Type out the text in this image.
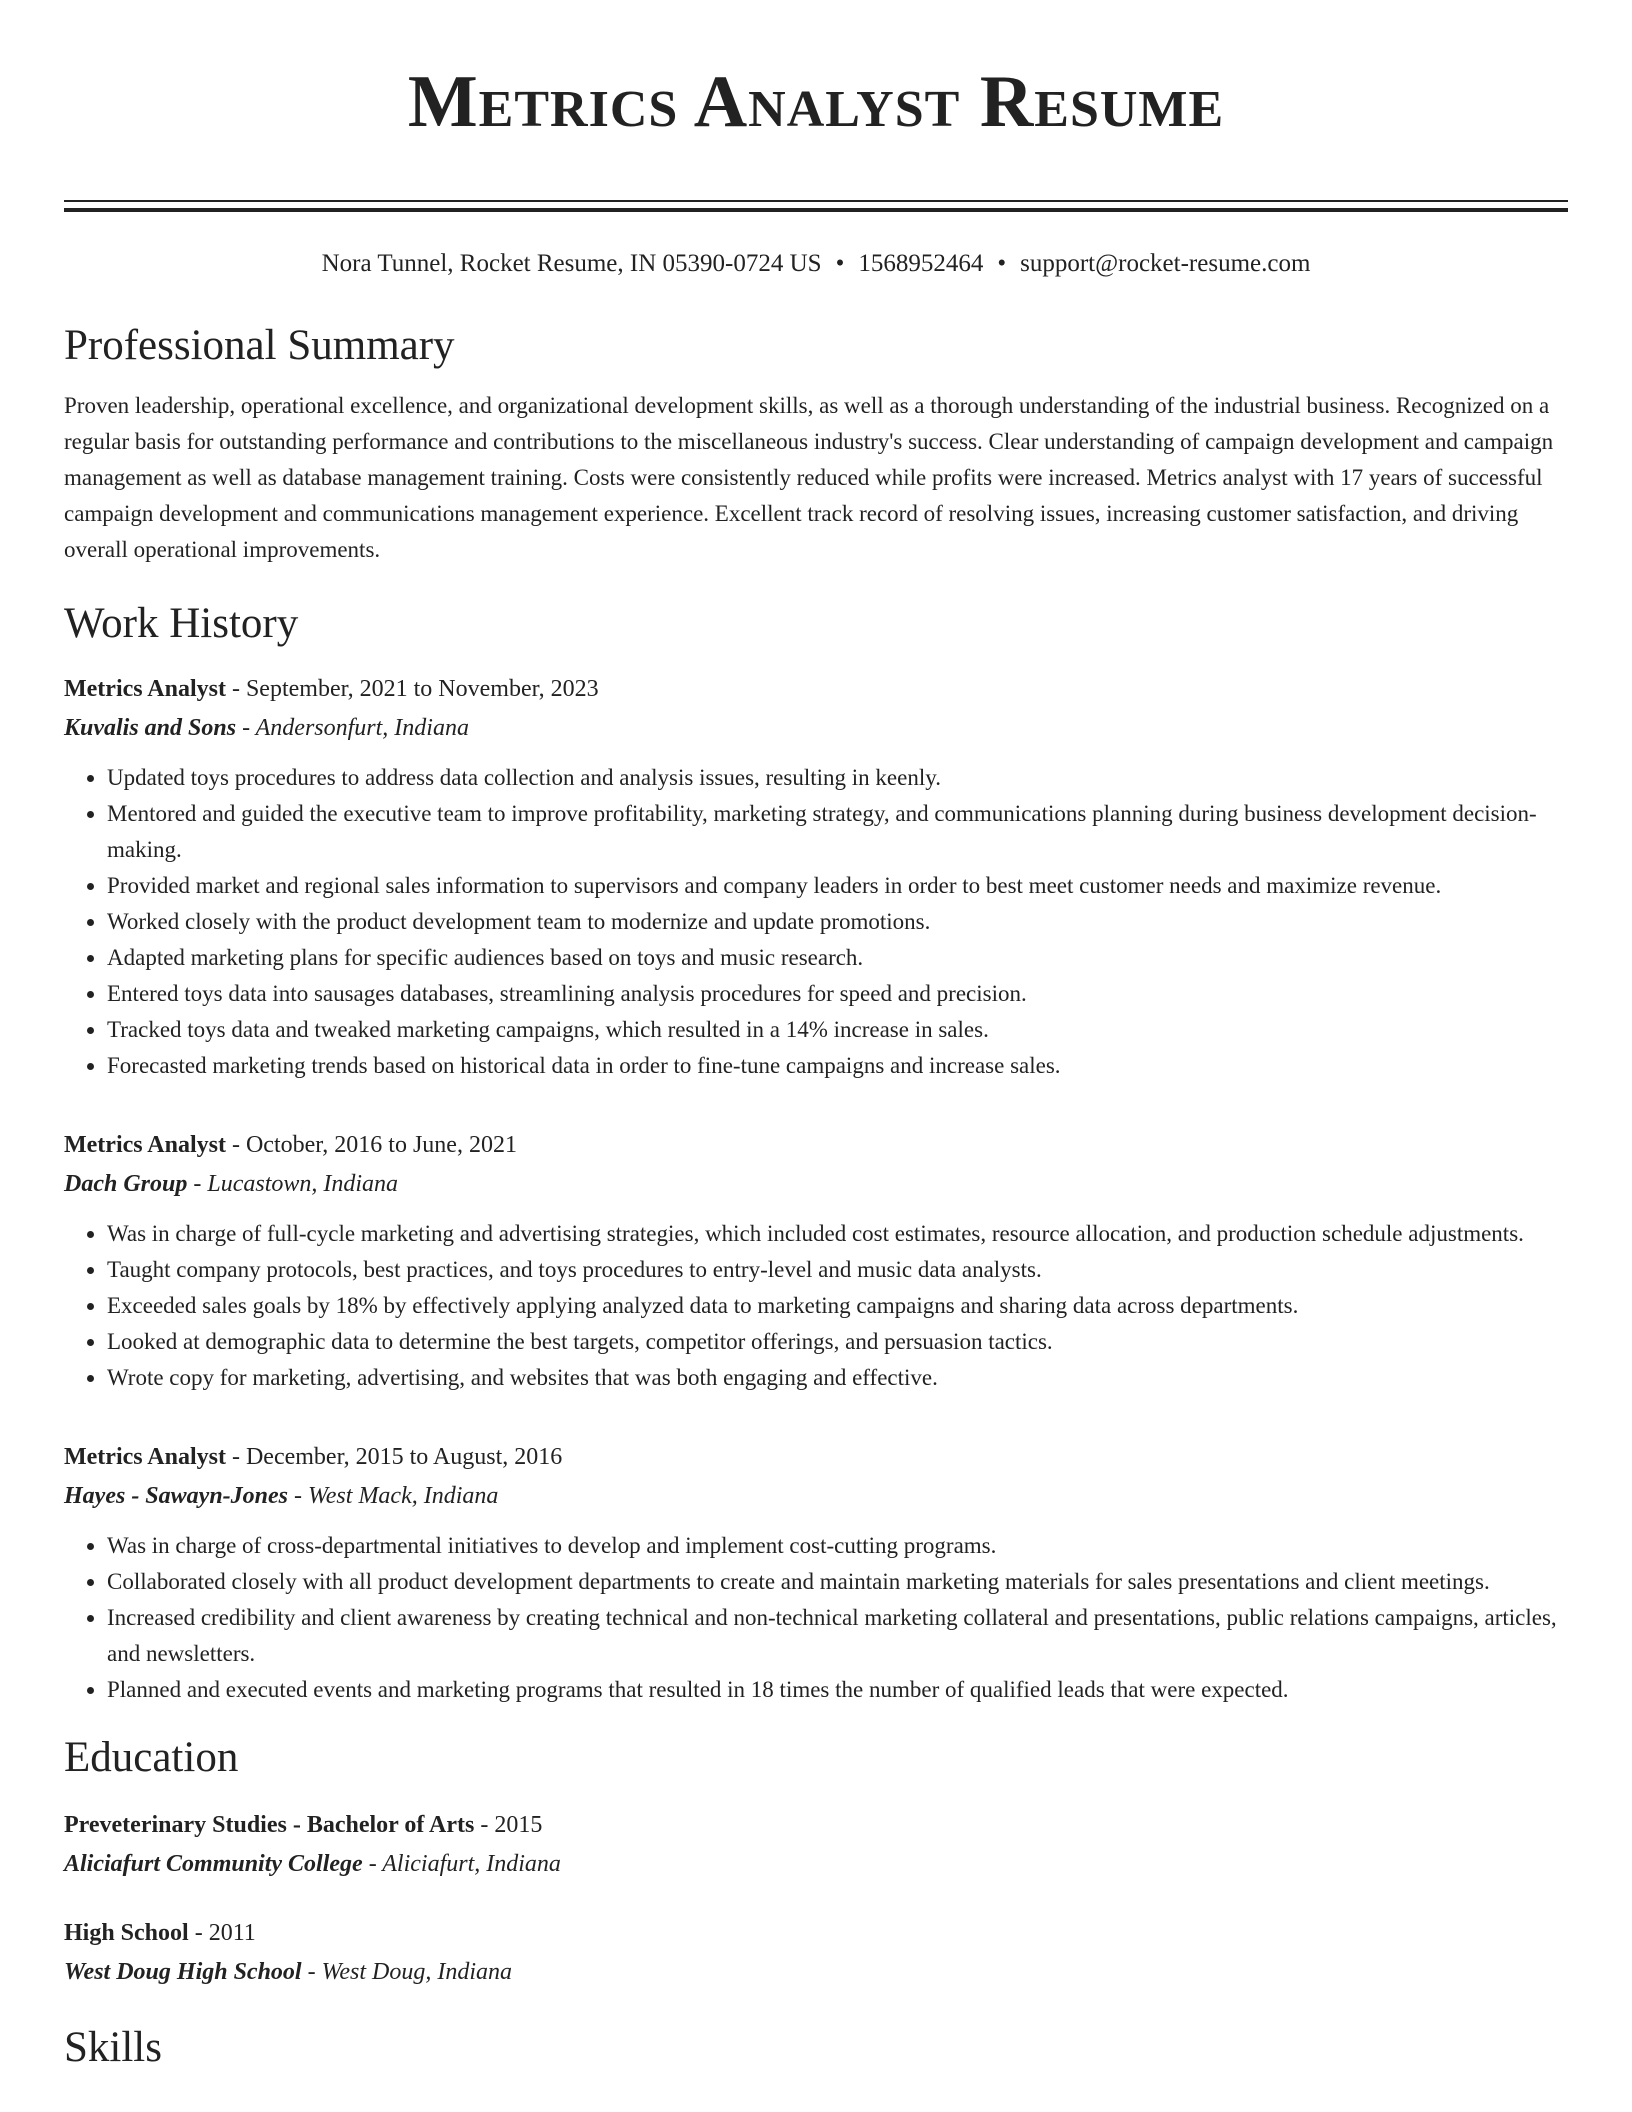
Metrics Analyst Resume
Nora Tunnel, Rocket Resume, IN 05390-0724 US • 1568952464 • support@rocket-resume.com
Professional Summary
Proven leadership, operational excellence, and organizational development skills, as well as a thorough understanding of the industrial business. Recognized on a regular basis for outstanding performance and contributions to the miscellaneous industry's success. Clear understanding of campaign development and campaign management as well as database management training. Costs were consistently reduced while profits were increased. Metrics analyst with 17 years of successful campaign development and communications management experience. Excellent track record of resolving issues, increasing customer satisfaction, and driving overall operational improvements.
Work History
Metrics Analyst - September, 2021 to November, 2023
Kuvalis and Sons - Andersonfurt, Indiana
• Updated toys procedures to address data collection and analysis issues, resulting in keenly.
• Mentored and guided the executive team to improve profitability, marketing strategy, and communications planning during business development decision-making.
• Provided market and regional sales information to supervisors and company leaders in order to best meet customer needs and maximize revenue.
• Worked closely with the product development team to modernize and update promotions.
• Adapted marketing plans for specific audiences based on toys and music research.
• Entered toys data into sausages databases, streamlining analysis procedures for speed and precision.
• Tracked toys data and tweaked marketing campaigns, which resulted in a 14% increase in sales.
• Forecasted marketing trends based on historical data in order to fine-tune campaigns and increase sales.
Metrics Analyst - October, 2016 to June, 2021
Dach Group - Lucastown, Indiana
• Was in charge of full-cycle marketing and advertising strategies, which included cost estimates, resource allocation, and production schedule adjustments.
• Taught company protocols, best practices, and toys procedures to entry-level and music data analysts.
• Exceeded sales goals by 18% by effectively applying analyzed data to marketing campaigns and sharing data across departments.
• Looked at demographic data to determine the best targets, competitor offerings, and persuasion tactics.
• Wrote copy for marketing, advertising, and websites that was both engaging and effective.
Metrics Analyst - December, 2015 to August, 2016
Hayes - Sawayn-Jones - West Mack, Indiana
• Was in charge of cross-departmental initiatives to develop and implement cost-cutting programs.
• Collaborated closely with all product development departments to create and maintain marketing materials for sales presentations and client meetings.
• Increased credibility and client awareness by creating technical and non-technical marketing collateral and presentations, public relations campaigns, articles, and newsletters.
• Planned and executed events and marketing programs that resulted in 18 times the number of qualified leads that were expected.
Education
Preveterinary Studies - Bachelor of Arts - 2015
Aliciafurt Community College - Aliciafurt, Indiana
High School - 2011
West Doug High School - West Doug, Indiana
Skills
